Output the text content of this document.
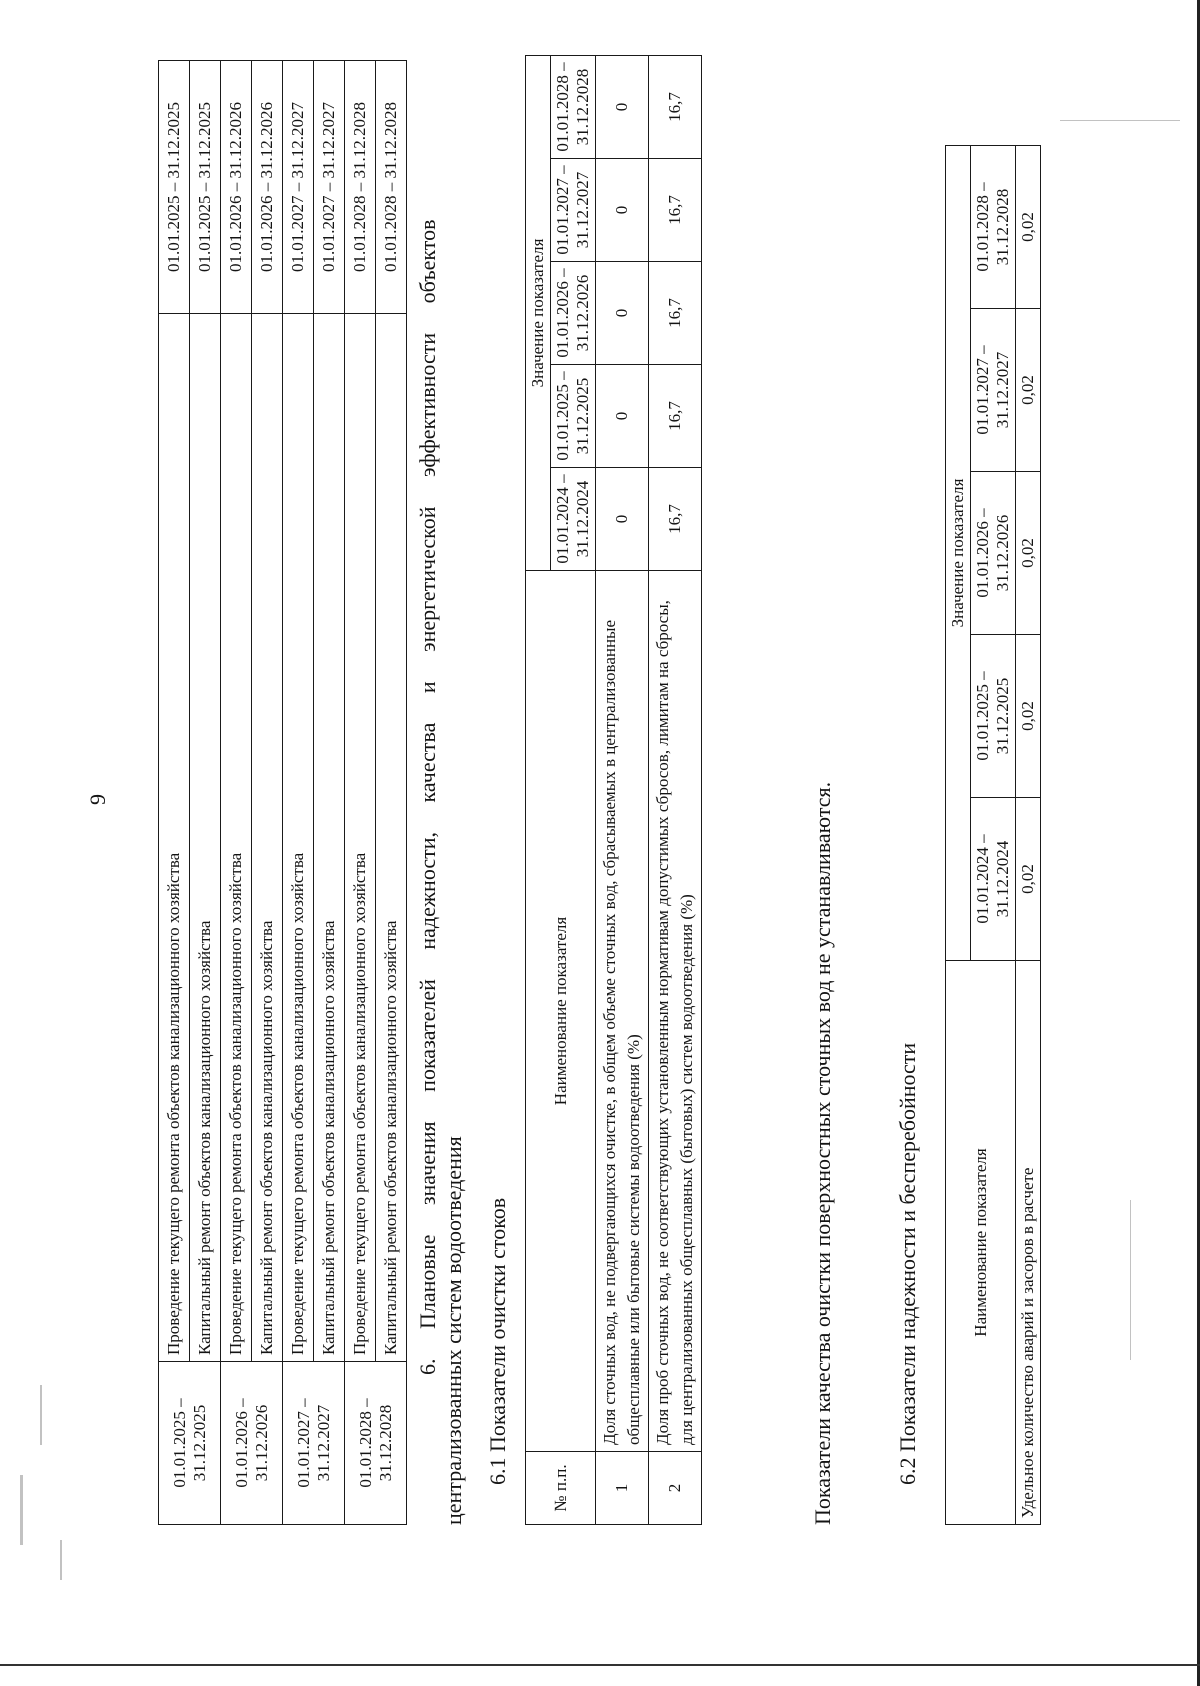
9
01.01.2025 – 31.12.2025	Проведение текущего ремонта объектов канализационного хозяйства	01.01.2025 – 31.12.2025
	Капитальный ремонт объектов канализационного хозяйства	01.01.2025 – 31.12.2025
01.01.2026 – 31.12.2026	Проведение текущего ремонта объектов канализационного хозяйства	01.01.2026 – 31.12.2026
	Капитальный ремонт объектов канализационного хозяйства	01.01.2026 – 31.12.2026
01.01.2027 – 31.12.2027	Проведение текущего ремонта объектов канализационного хозяйства	01.01.2027 – 31.12.2027
	Капитальный ремонт объектов канализационного хозяйства	01.01.2027 – 31.12.2027
01.01.2028 – 31.12.2028	Проведение текущего ремонта объектов канализационного хозяйства	01.01.2028 – 31.12.2028
	Капитальный ремонт объектов канализационного хозяйства	01.01.2028 – 31.12.2028
6. Плановые значения показателей надежности, качества и энергетической эффективности объектов централизованных систем водоотведения 6.1 Показатели очистки стоков
№ п.п.	Наименование показателя	Значение показателя				
		01.01.2024 – 31.12.2024	01.01.2025 – 31.12.2025	01.01.2026 – 31.12.2026	01.01.2027 – 31.12.2027	01.01.2028 – 31.12.2028
1	Доля сточных вод, не подвергающихся очистке, в общем объеме сточных вод, сбрасываемых в централизованные общесплавные или бытовые системы водоотведения (%)	0	0	0	0	0
2	Доля проб сточных вод, не соответствующих установленным нормативам допустимых сбросов, лимитам на сбросы, для централизованных общесплавных (бытовых) систем водоотведения (%)	16,7	16,7	16,7	16,7	16,7
Показатели качества очистки поверхностных сточных вод не устанавливаются.	6.2 Показатели надежности и бесперебойности	Наименование показателя	Значение показателя				
	01.01.2024 – 31.12.2024	01.01.2025 – 31.12.2025	01.01.2026 – 31.12.2026	01.01.2027 – 31.12.2027	01.01.2028 – 31.12.2028
Удельное количество аварий и засоров в расчете	0,02	0,02	0,02	0,02	0,02
